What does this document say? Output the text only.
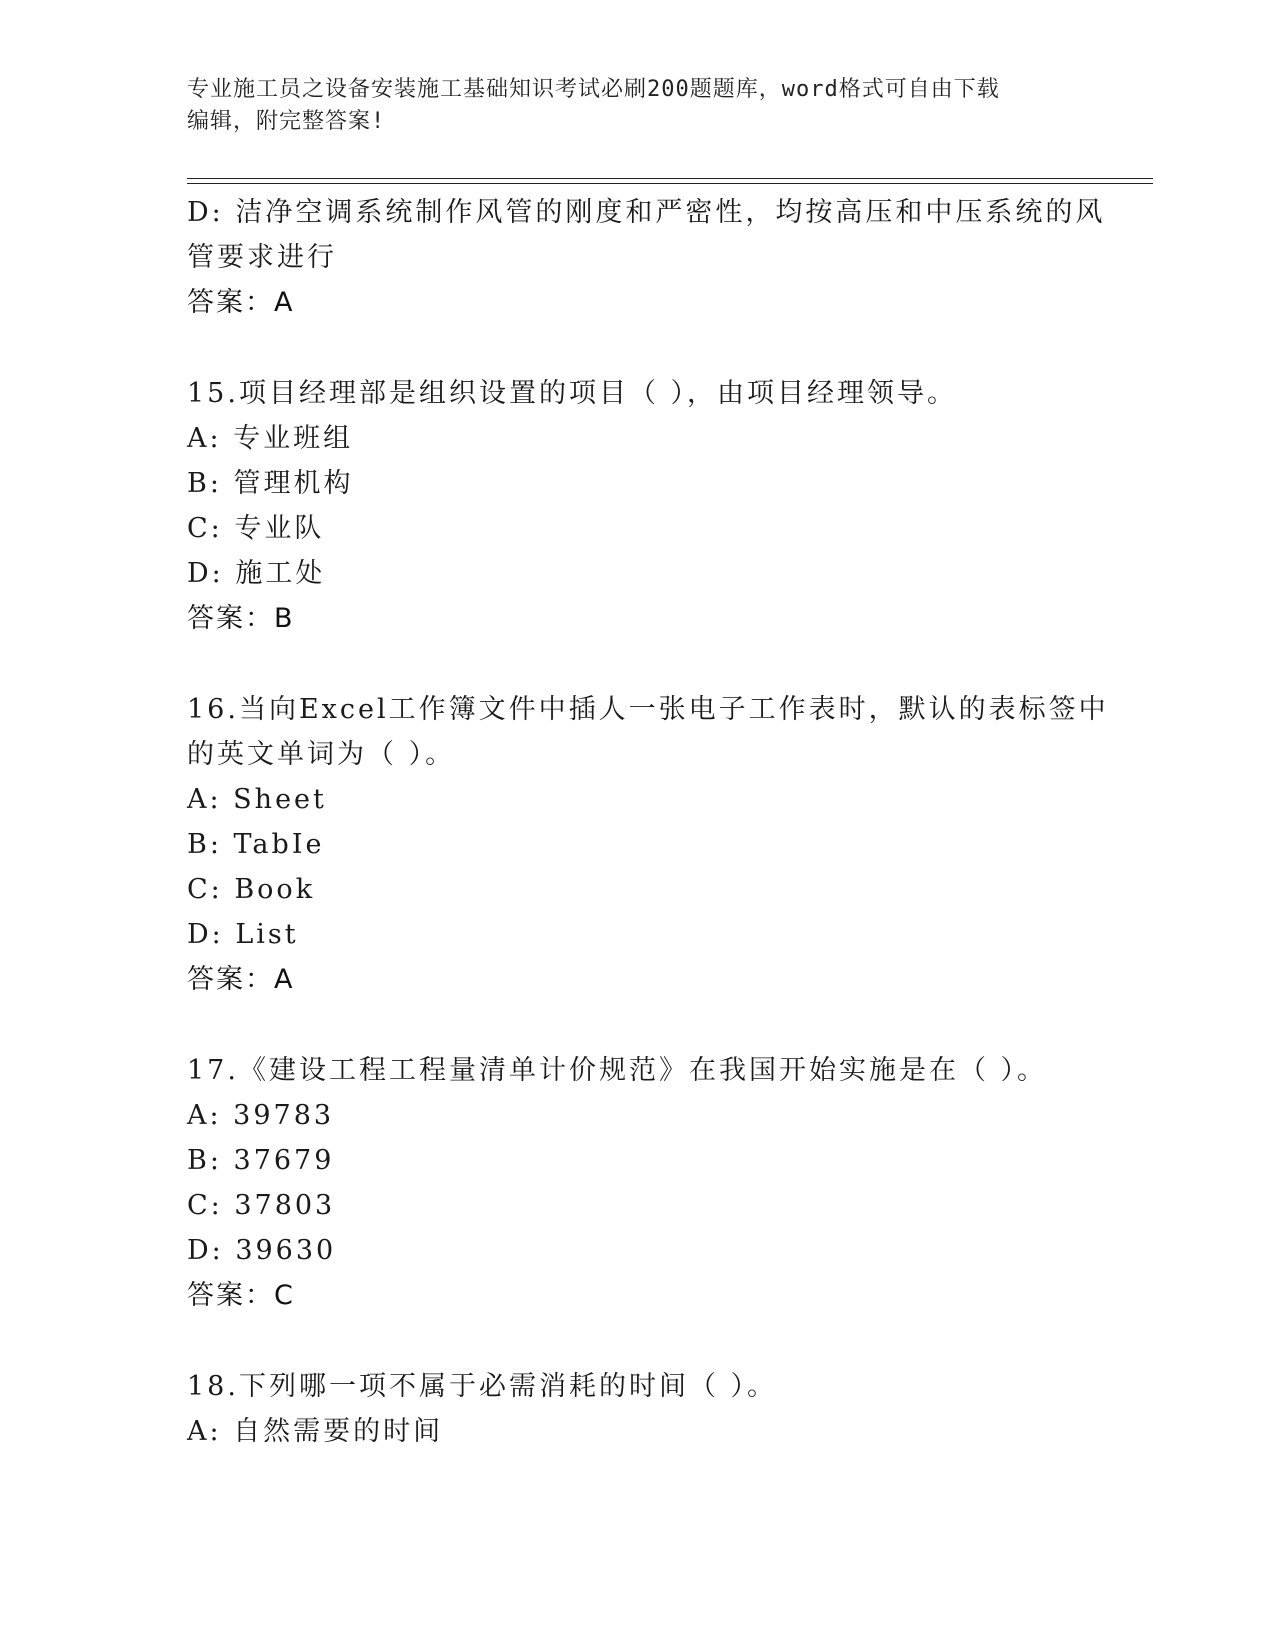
专业施工员之设备安装施工基础知识考试必刷200题题库，word格式可自由下载
编辑，附完整答案!
D: 洁净空调系统制作风管的刚度和严密性，均按高压和中压系统的风
管要求进行
答案：A
15.项目经理部是组织设置的项目（ ），由项目经理领导。
A: 专业班组
B: 管理机构
C: 专业队
D: 施工处
答案：B
16.当向Excel工作簿文件中插人一张电子工作表时，默认的表标签中
的英文单词为（ ）。
A: Sheet
B: TabIe
C: Book
D: List
答案：A
17.《建设工程工程量清单计价规范》在我国开始实施是在（ ）。
A: 39783
B: 37679
C: 37803
D: 39630
答案：C
18.下列哪一项不属于必需消耗的时间（ ）。
A: 自然需要的时间
